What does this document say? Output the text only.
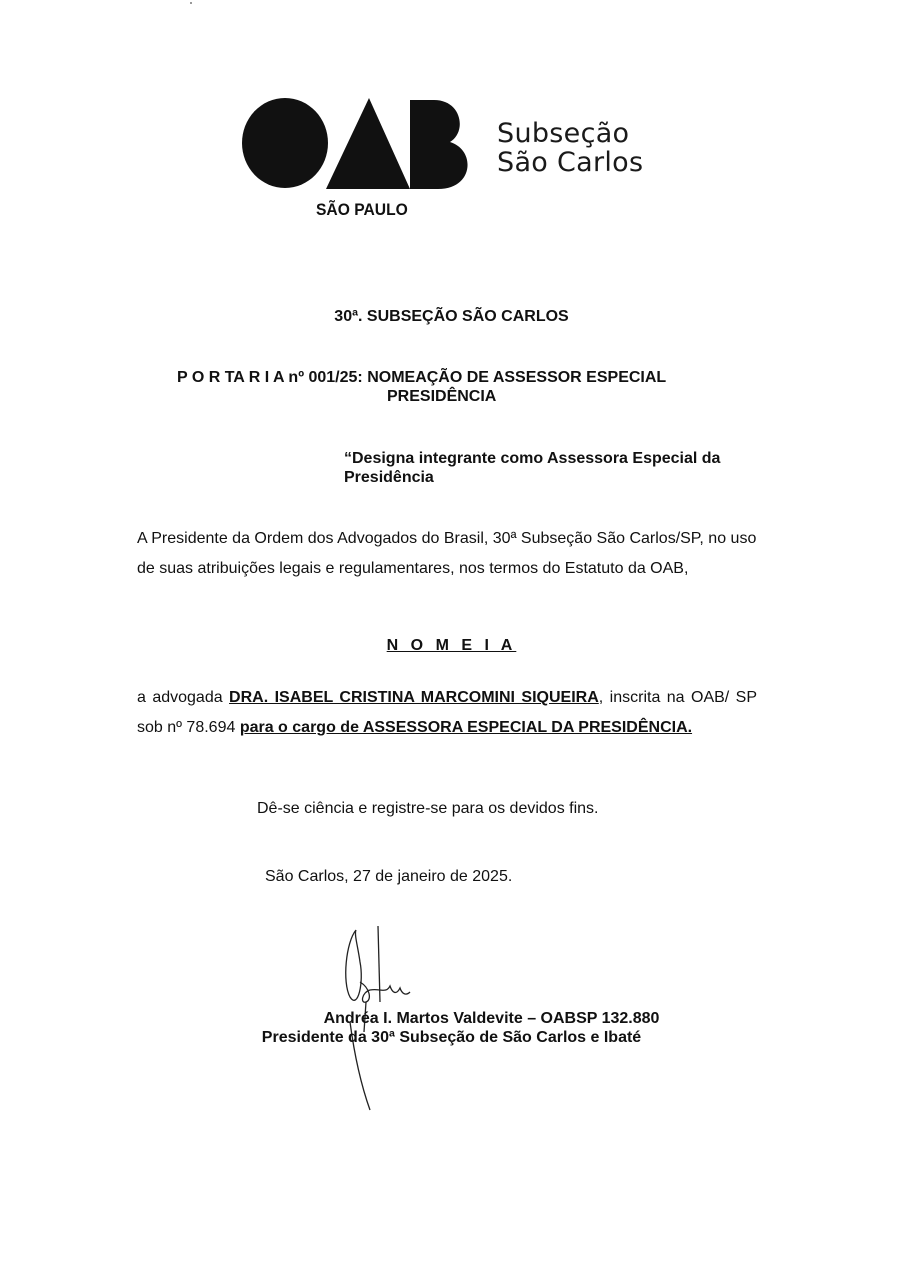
Subseção
São Carlos
SÃO PAULO
30ª. SUBSEÇÃO SÃO CARLOS
P O R TA R I A nº 001/25: NOMEAÇÃO DE ASSESSOR ESPECIAL
PRESIDÊNCIA
“Designa integrante como Assessora Especial da Presidência
A Presidente da Ordem dos Advogados do Brasil, 30ª Subseção São Carlos/SP, no uso de suas atribuições legais e regulamentares, nos termos do Estatuto da OAB,
N O M E I A
a advogada DRA. ISABEL CRISTINA MARCOMINI SIQUEIRA, inscrita na OAB/ SP sob nº 78.694 para o cargo de ASSESSORA ESPECIAL DA PRESIDÊNCIA.
Dê-se ciência e registre-se para os devidos fins.
São Carlos, 27 de janeiro de 2025.
Andréa I. Martos Valdevite – OABSP 132.880
Presidente da 30ª Subseção de São Carlos e Ibaté
